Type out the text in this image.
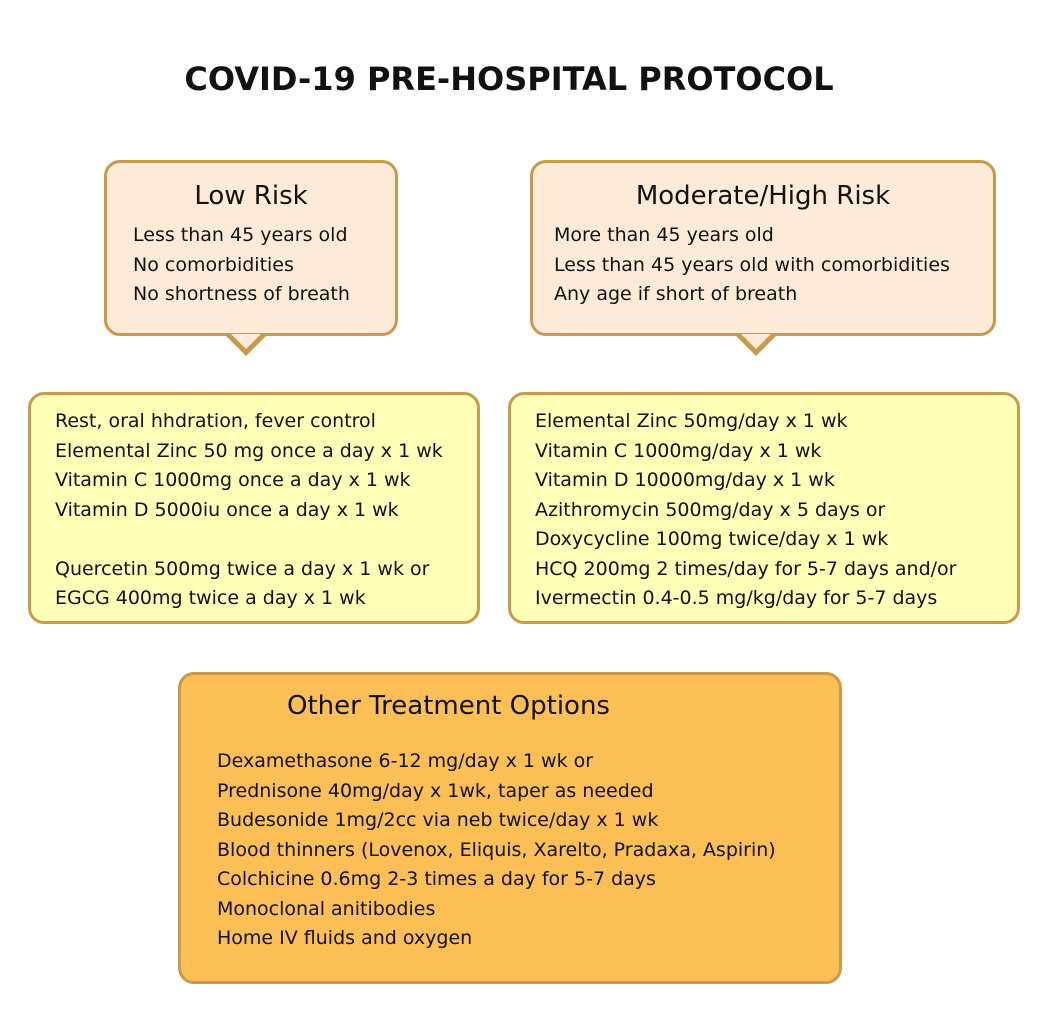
COVID-19 PRE-HOSPITAL PROTOCOL
Low Risk
Less than 45 years old
No comorbidities
No shortness of breath
Moderate/High Risk
More than 45 years old
Less than 45 years old with comorbidities
Any age if short of breath
Rest, oral hhdration, fever control
Elemental Zinc 50 mg once a day x 1 wk
Vitamin C 1000mg once a day x 1 wk
Vitamin D 5000iu once a day x 1 wk
Quercetin 500mg twice a day x 1 wk or
EGCG 400mg twice a day x 1 wk
Elemental Zinc 50mg/day x 1 wk
Vitamin C 1000mg/day x 1 wk
Vitamin D 10000mg/day x 1 wk
Azithromycin 500mg/day x 5 days or
Doxycycline 100mg twice/day x 1 wk
HCQ 200mg 2 times/day for 5-7 days and/or
Ivermectin 0.4-0.5 mg/kg/day for 5-7 days
Other Treatment Options
Dexamethasone 6-12 mg/day x 1 wk or
Prednisone 40mg/day x 1wk, taper as needed
Budesonide 1mg/2cc via neb twice/day x 1 wk
Blood thinners (Lovenox, Eliquis, Xarelto, Pradaxa, Aspirin)
Colchicine 0.6mg 2-3 times a day for 5-7 days
Monoclonal anitibodies
Home IV fluids and oxygen
